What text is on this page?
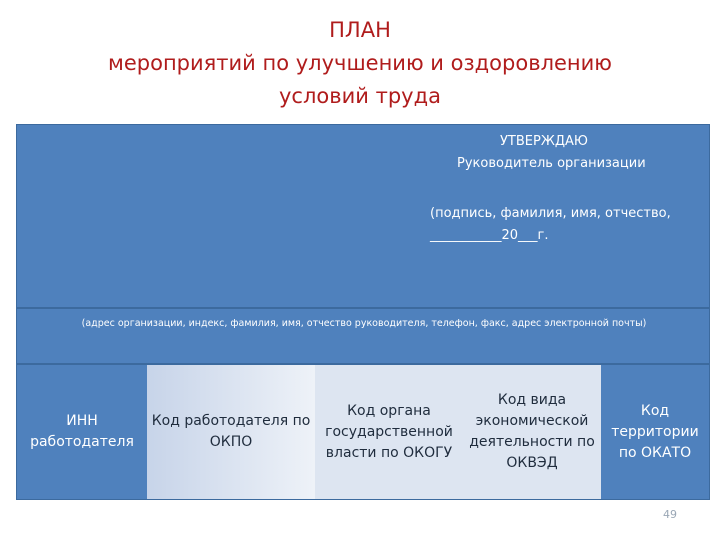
ПЛАН
мероприятий по улучшению и оздоровлению
условий труда
УТВЕРЖДАЮ
Руководитель организации
(подпись, фамилия, имя, отчество,
___________20___г.
(адрес организации, индекс, фамилия, имя, отчество руководителя, телефон, факс, адрес электронной почты)
ИНН
работодателя
Код работодателя по
ОКПО
Код органа
государственной
власти по ОКОГУ
Код вида
экономической
деятельности по
ОКВЭД
Код
территории
по ОКАТО
49
